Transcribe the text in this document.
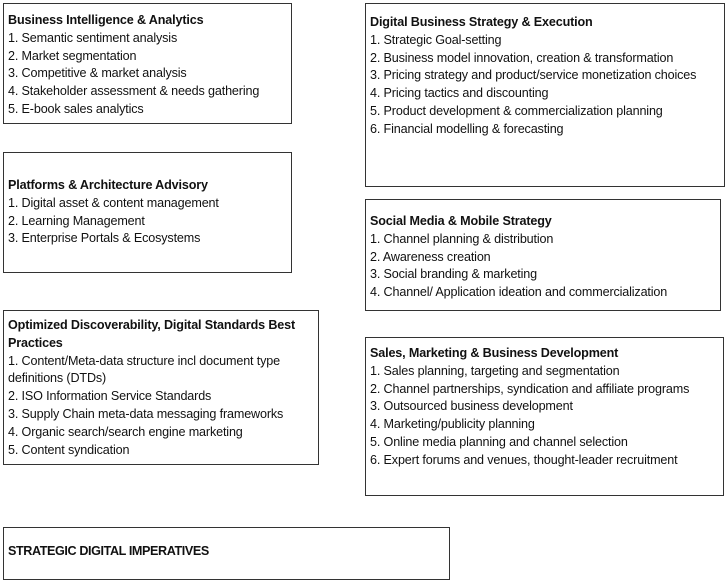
Business Intelligence & Analytics
1. Semantic sentiment analysis
2. Market segmentation
3. Competitive & market analysis
4. Stakeholder assessment & needs gathering
5. E-book sales analytics
Platforms & Architecture Advisory
1. Digital asset & content management
2. Learning Management
3. Enterprise Portals & Ecosystems
Optimized Discoverability, Digital Standards Best Practices
1. Content/Meta-data structure incl document type definitions (DTDs)
2. ISO Information Service Standards
3. Supply Chain meta-data messaging frameworks
4. Organic search/search engine marketing
5. Content syndication
Digital Business Strategy & Execution
1. Strategic Goal-setting
2. Business model innovation, creation & transformation
3. Pricing strategy and product/service monetization choices
4. Pricing tactics and discounting
5. Product development & commercialization planning
6. Financial modelling & forecasting
Social Media & Mobile Strategy
1. Channel planning & distribution
2. Awareness creation
3. Social branding & marketing
4. Channel/ Application ideation and commercialization
Sales, Marketing & Business Development
1. Sales planning, targeting and segmentation
2. Channel partnerships, syndication and affiliate programs
3. Outsourced business development
4. Marketing/publicity planning
5. Online media planning and channel selection
6. Expert forums and venues, thought-leader recruitment
STRATEGIC DIGITAL IMPERATIVES
